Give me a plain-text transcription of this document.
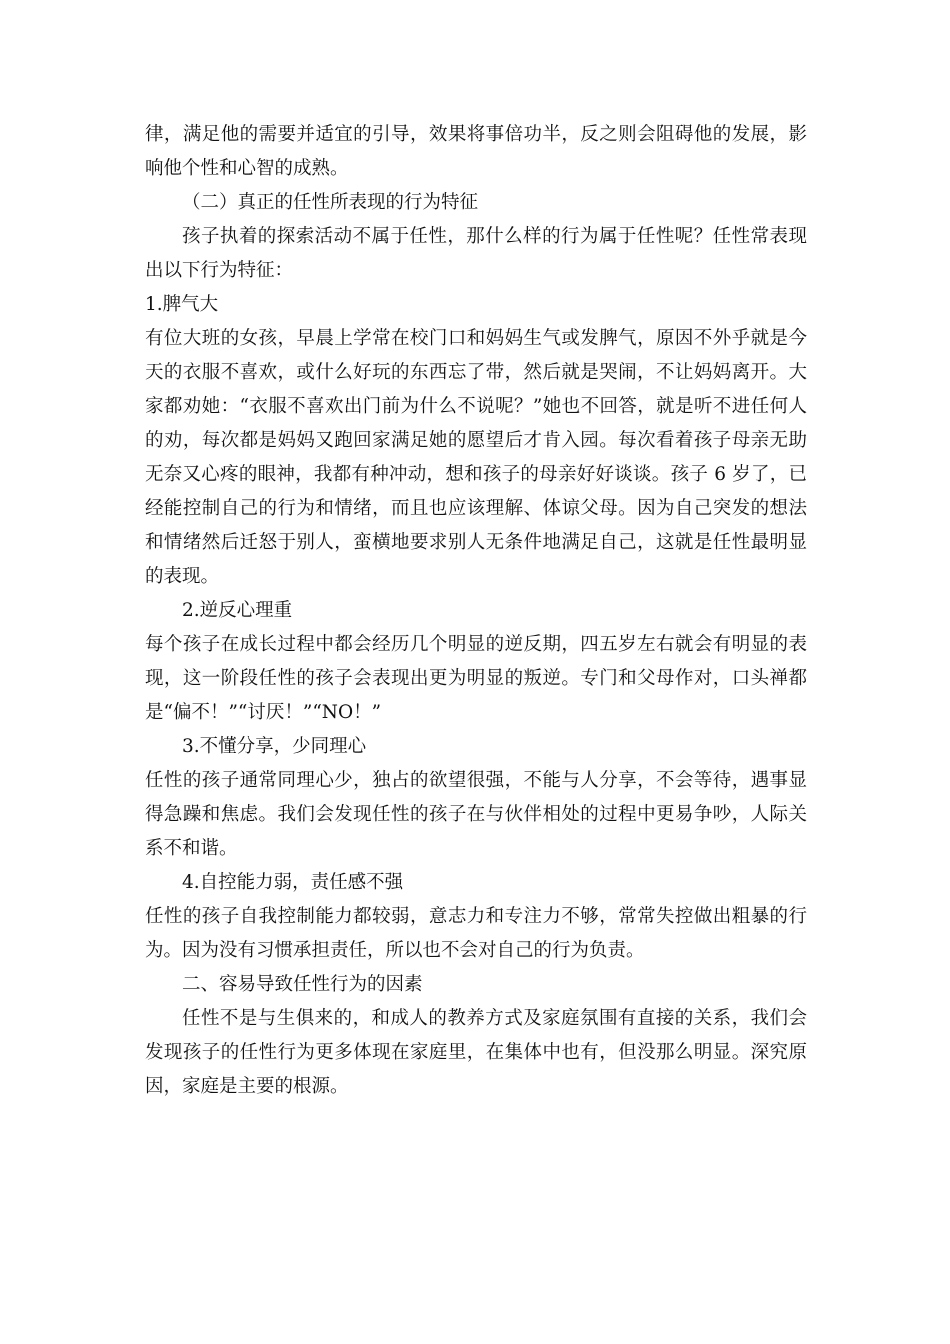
律，满足他的需要并适宜的引导，效果将事倍功半，反之则会阻碍他的发展，影响他个性和心智的成熟。

（二）真正的任性所表现的行为特征

孩子执着的探索活动不属于任性，那什么样的行为属于任性呢？任性常表现出以下行为特征：

1.脾气大

有位大班的女孩，早晨上学常在校门口和妈妈生气或发脾气，原因不外乎就是今天的衣服不喜欢，或什么好玩的东西忘了带，然后就是哭闹，不让妈妈离开。大家都劝她：“衣服不喜欢出门前为什么不说呢？”她也不回答，就是听不进任何人的劝，每次都是妈妈又跑回家满足她的愿望后才肯入园。每次看着孩子母亲无助无奈又心疼的眼神，我都有种冲动，想和孩子的母亲好好谈谈。孩子 6 岁了，已经能控制自己的行为和情绪，而且也应该理解、体谅父母。因为自己突发的想法和情绪然后迁怒于别人，蛮横地要求别人无条件地满足自己，这就是任性最明显的表现。

2.逆反心理重

每个孩子在成长过程中都会经历几个明显的逆反期，四五岁左右就会有明显的表现，这一阶段任性的孩子会表现出更为明显的叛逆。专门和父母作对，口头禅都是“偏不！”“讨厌！”“NO！”

3.不懂分享，少同理心

任性的孩子通常同理心少，独占的欲望很强，不能与人分享，不会等待，遇事显得急躁和焦虑。我们会发现任性的孩子在与伙伴相处的过程中更易争吵，人际关系不和谐。

4.自控能力弱，责任感不强

任性的孩子自我控制能力都较弱，意志力和专注力不够，常常失控做出粗暴的行为。因为没有习惯承担责任，所以也不会对自己的行为负责。

二、容易导致任性行为的因素

任性不是与生俱来的，和成人的教养方式及家庭氛围有直接的关系，我们会发现孩子的任性行为更多体现在家庭里，在集体中也有，但没那么明显。深究原因，家庭是主要的根源。
